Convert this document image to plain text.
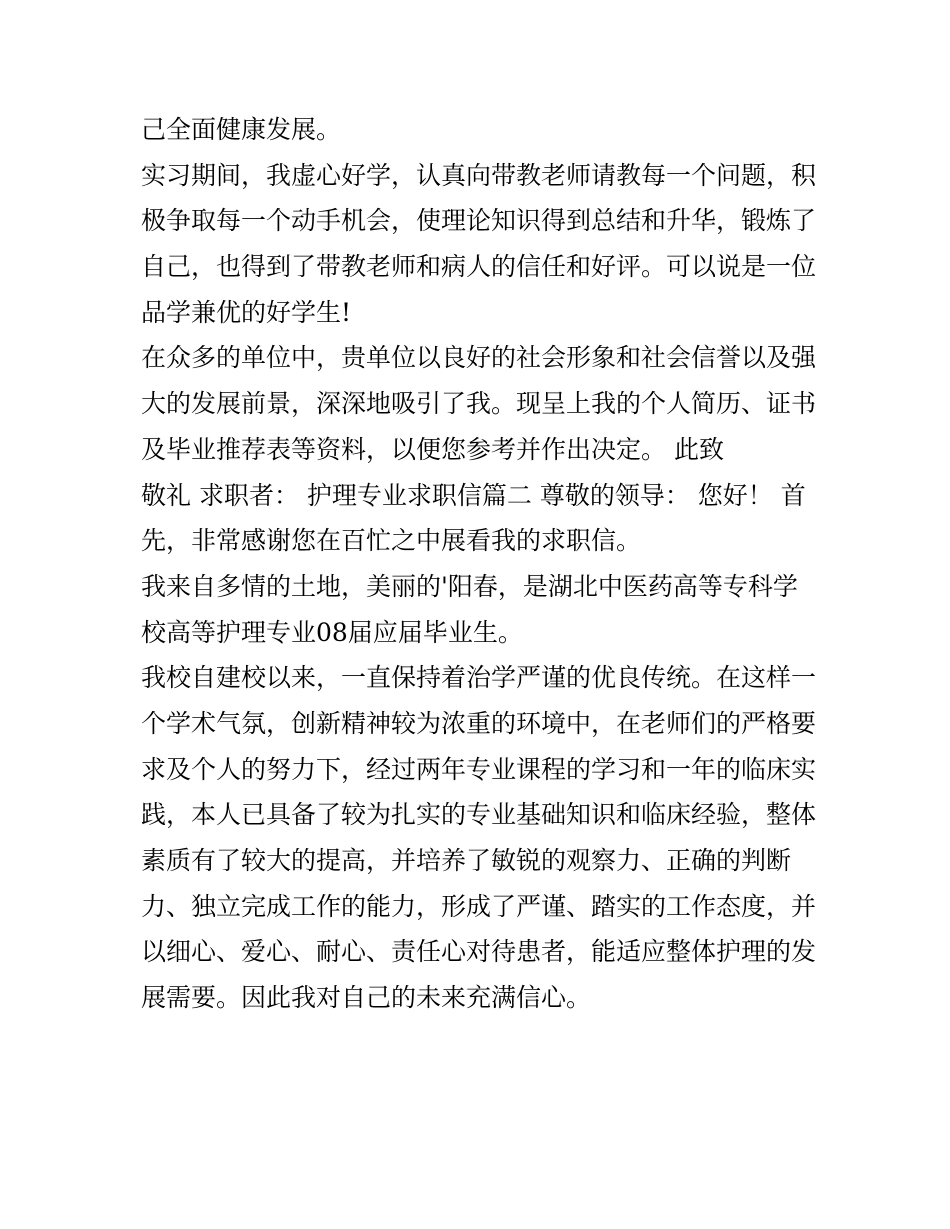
己全面健康发展。
实习期间，我虚心好学，认真向带教老师请教每一个问题，积
极争取每一个动手机会，使理论知识得到总结和升华，锻炼了
自己，也得到了带教老师和病人的信任和好评。可以说是一位
品学兼优的好学生!
在众多的单位中，贵单位以良好的社会形象和社会信誉以及强
大的发展前景，深深地吸引了我。现呈上我的个人简历、证书
及毕业推荐表等资料，以便您参考并作出决定。 此致
敬礼 求职者： 护理专业求职信篇二 尊敬的领导： 您好！ 首
先，非常感谢您在百忙之中展看我的求职信。
我来自多情的土地，美丽的'阳春，是湖北中医药高等专科学
校高等护理专业08届应届毕业生。
我校自建校以来，一直保持着治学严谨的优良传统。在这样一
个学术气氛，创新精神较为浓重的环境中，在老师们的严格要
求及个人的努力下，经过两年专业课程的学习和一年的临床实
践，本人已具备了较为扎实的专业基础知识和临床经验，整体
素质有了较大的提高，并培养了敏锐的观察力、正确的判断
力、独立完成工作的能力，形成了严谨、踏实的工作态度，并
以细心、爱心、耐心、责任心对待患者，能适应整体护理的发
展需要。因此我对自己的未来充满信心。
